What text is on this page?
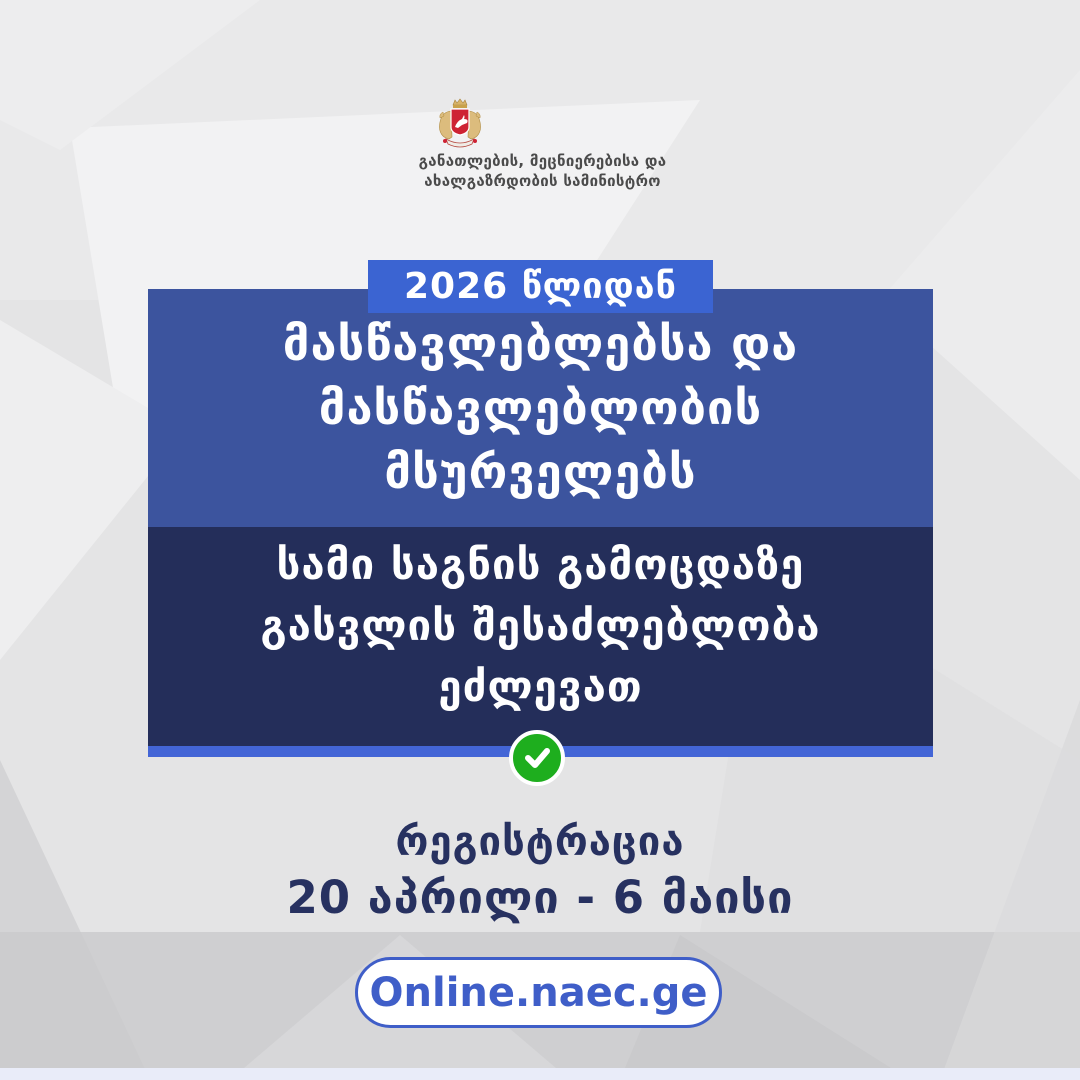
განათლების, მეცნიერებისა და
ახალგაზრდობის სამინისტრო
2026 წლიდან
მასწავლებლებსა და
მასწავლებლობის
მსურველებს
სამი საგნის გამოცდაზე
გასვლის შესაძლებლობა
ეძლევათ
რეგისტრაცია
20 აპრილი - 6 მაისი
Online.naec.ge
